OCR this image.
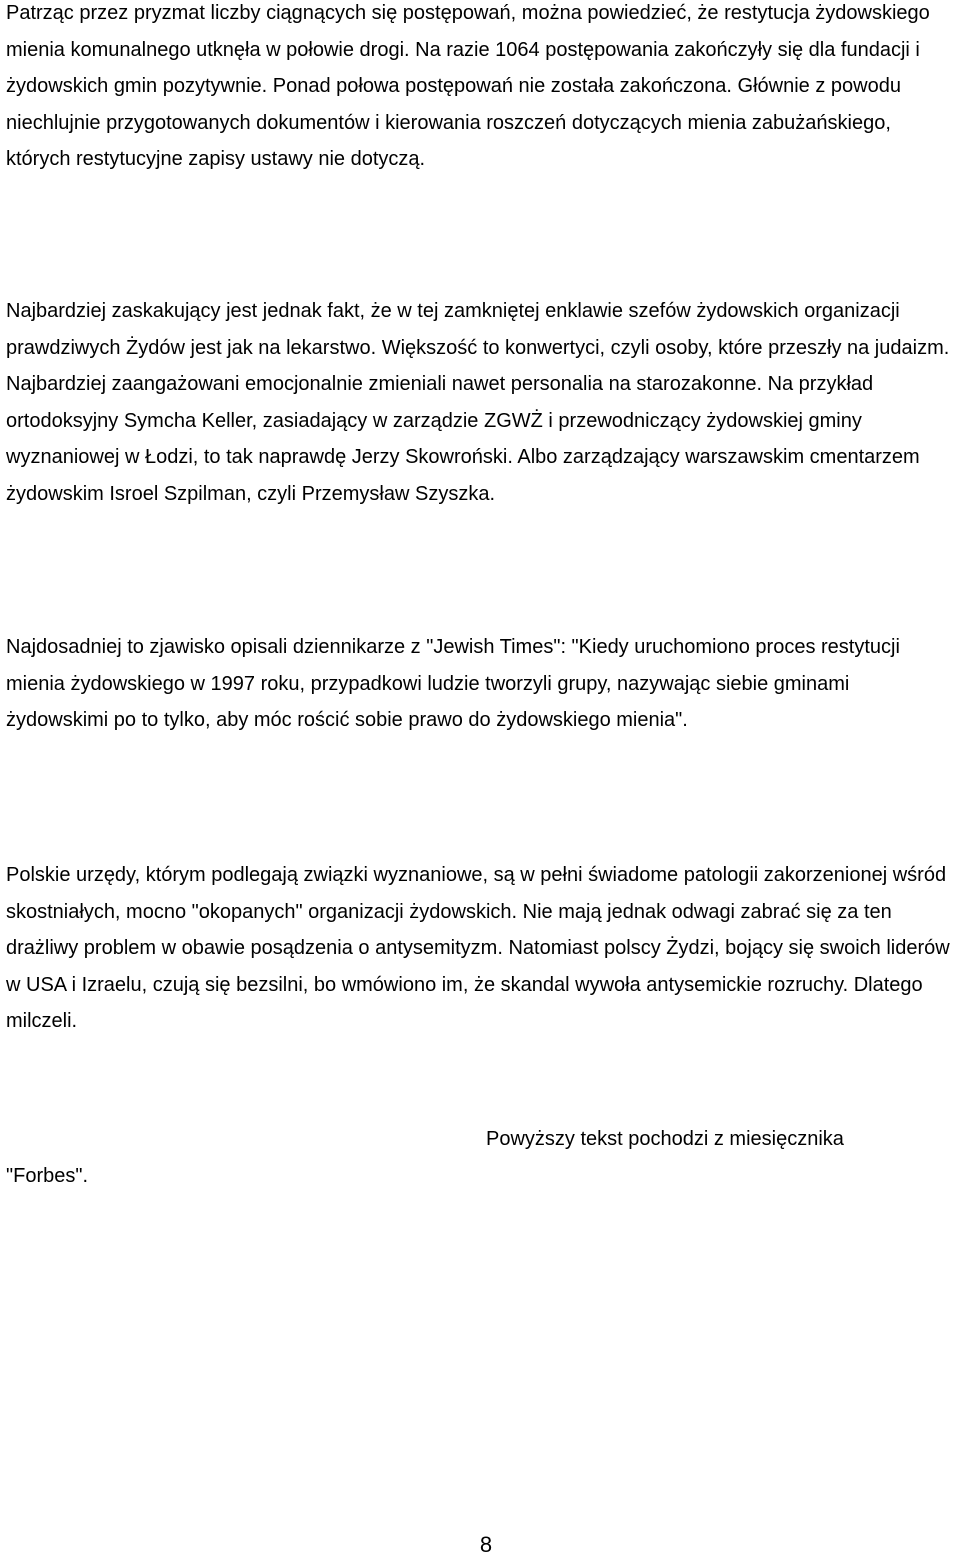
Patrząc przez pryzmat liczby ciągnących się postępowań, można powiedzieć, że restytucja żydowskiego mienia komunalnego utknęła w połowie drogi. Na razie 1064 postępowania zakończyły się dla fundacji i żydowskich gmin pozytywnie. Ponad połowa postępowań nie została zakończona. Głównie z powodu niechlujnie przygotowanych dokumentów i kierowania roszczeń dotyczących mienia zabużańskiego, których restytucyjne zapisy ustawy nie dotyczą.

Najbardziej zaskakujący jest jednak fakt, że w tej zamkniętej enklawie szefów żydowskich organizacji prawdziwych Żydów jest jak na lekarstwo. Większość to konwertyci, czyli osoby, które przeszły na judaizm. Najbardziej zaangażowani emocjonalnie zmieniali nawet personalia na starozakonne. Na przykład ortodoksyjny Symcha Keller, zasiadający w zarządzie ZGWŻ i przewodniczący żydowskiej gminy wyznaniowej w Łodzi, to tak naprawdę Jerzy Skowroński. Albo zarządzający warszawskim cmentarzem żydowskim Isroel Szpilman, czyli Przemysław Szyszka.

Najdosadniej to zjawisko opisali dziennikarze z "Jewish Times": "Kiedy uruchomiono proces restytucji mienia żydowskiego w 1997 roku, przypadkowi ludzie tworzyli grupy, nazywając siebie gminami żydowskimi po to tylko, aby móc rościć sobie prawo do żydowskiego mienia".

Polskie urzędy, którym podlegają związki wyznaniowe, są w pełni świadome patologii zakorzenionej wśród skostniałych, mocno "okopanych" organizacji żydowskich. Nie mają jednak odwagi zabrać się za ten drażliwy problem w obawie posądzenia o antysemityzm. Natomiast polscy Żydzi, bojący się swoich liderów w USA i Izraelu, czują się bezsilni, bo wmówiono im, że skandal wywoła antysemickie rozruchy. Dlatego milczeli.

Powyższy tekst pochodzi z miesięcznika

"Forbes".

8
